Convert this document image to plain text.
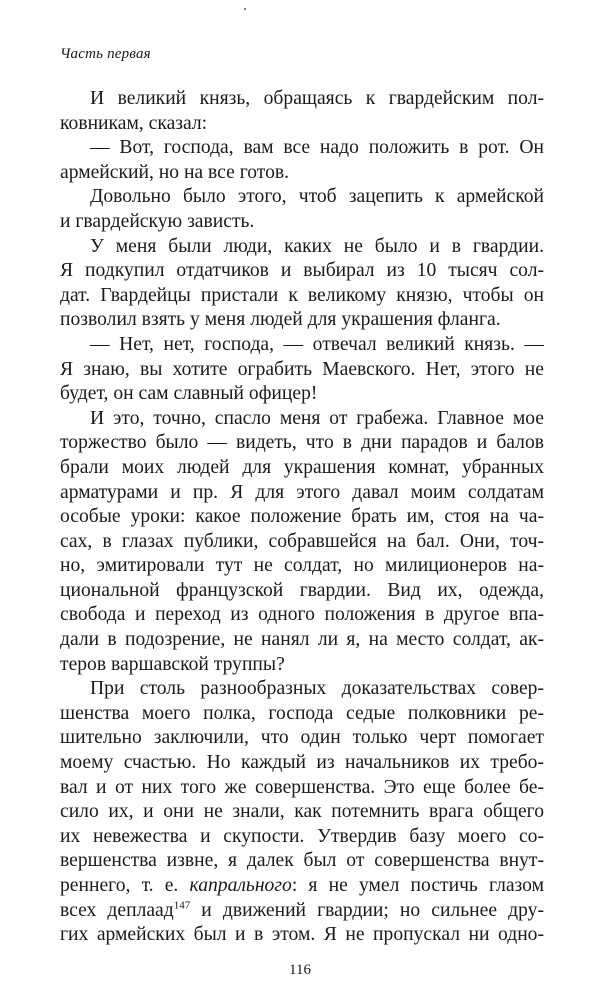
Часть первая
И великий князь, обращаясь к гвардейским пол-
ковникам, сказал:
— Вот, господа, вам все надо положить в рот. Он
армейский, но на все готов.
Довольно было этого, чтоб зацепить к армейской
и гвардейскую зависть.
У меня были люди, каких не было и в гвардии.
Я подкупил отдатчиков и выбирал из 10 тысяч сол-
дат. Гвардейцы пристали к великому князю, чтобы он
позволил взять у меня людей для украшения фланга.
— Нет, нет, господа, — отвечал великий князь. —
Я знаю, вы хотите ограбить Маевского. Нет, этого не
будет, он сам славный офицер!
И это, точно, спасло меня от грабежа. Главное мое
торжество было — видеть, что в дни парадов и балов
брали моих людей для украшения комнат, убранных
арматурами и пр. Я для этого давал моим солдатам
особые уроки: какое положение брать им, стоя на ча-
сах, в глазах публики, собравшейся на бал. Они, точ-
но, эмитировали тут не солдат, но милиционеров на-
циональной французской гвардии. Вид их, одежда,
свобода и переход из одного положения в другое впа-
дали в подозрение, не нанял ли я, на место солдат, ак-
теров варшавской труппы?
При столь разнообразных доказательствах совер-
шенства моего полка, господа седые полковники ре-
шительно заключили, что один только черт помогает
моему счастью. Но каждый из начальников их требо-
вал и от них того же совершенства. Это еще более бе-
сило их, и они не знали, как потемнить врага общего
их невежества и скупости. Утвердив базу моего со-
вершенства извне, я далек был от совершенства внут-
реннего, т. е. капрального: я не умел постичь глазом
всех деплаад$^{147}$ и движений гвардии; но сильнее дру-
гих армейских был и в этом. Я не пропускал ни одно-
116
